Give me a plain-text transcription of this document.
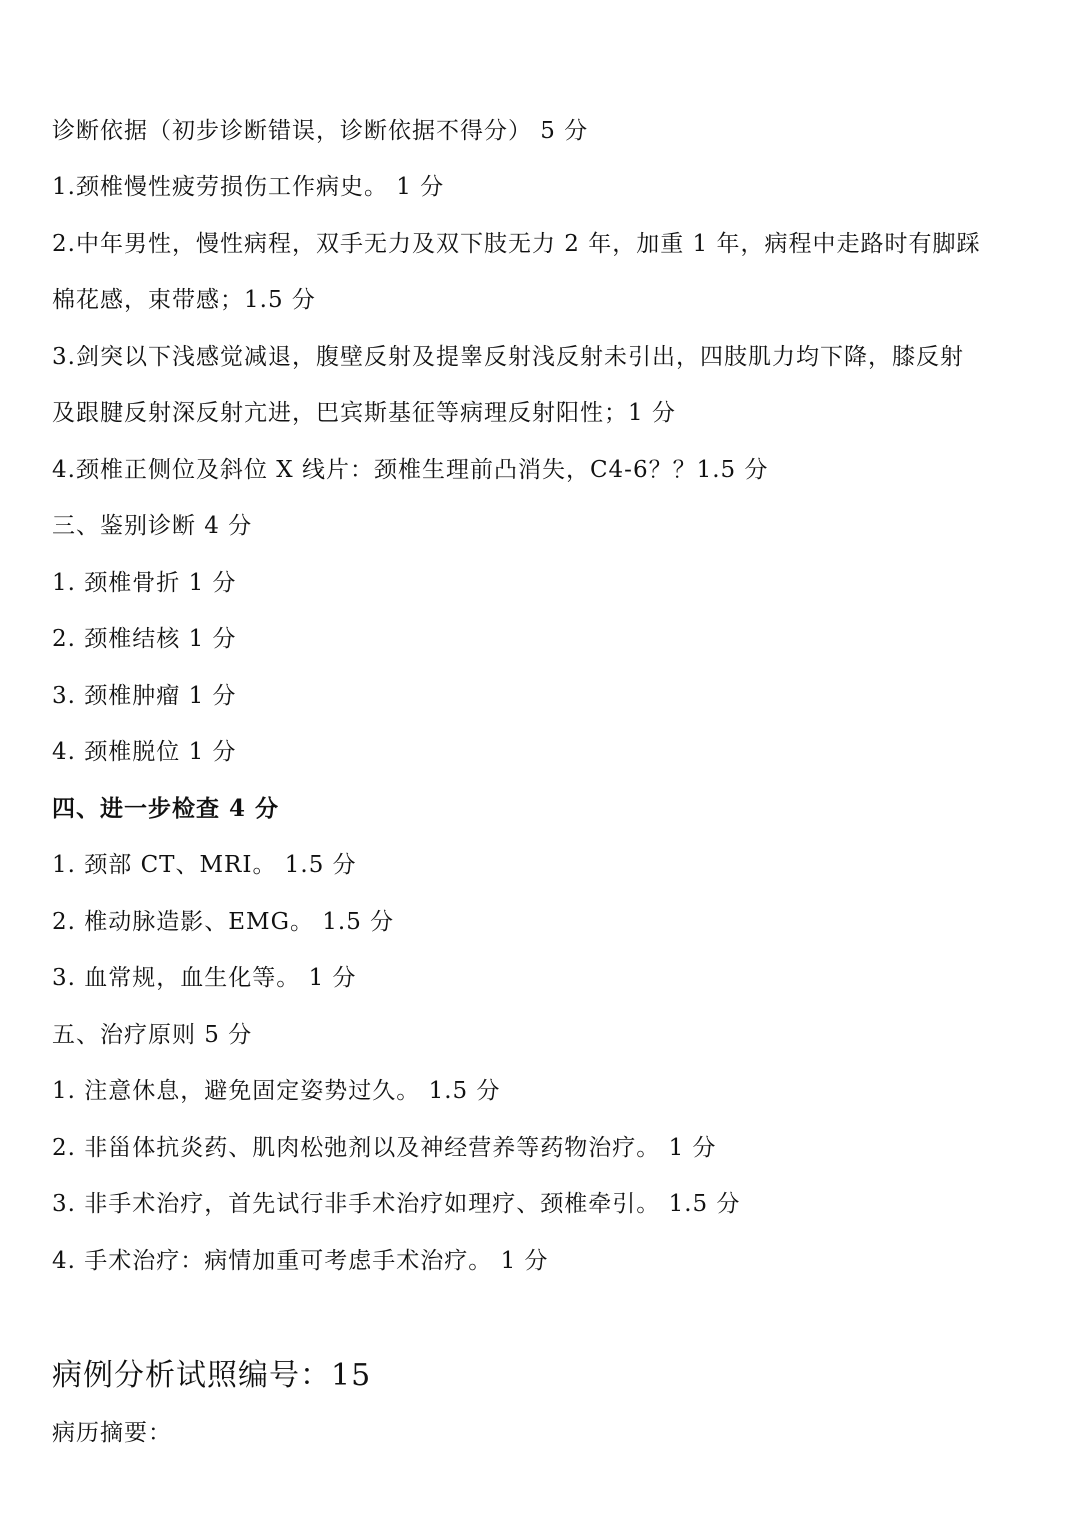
诊断依据（初步诊断错误，诊断依据不得分） 5 分
1.颈椎慢性疲劳损伤工作病史。 1 分
2.中年男性，慢性病程，双手无力及双下肢无力 2 年，加重 1 年，病程中走路时有脚踩
棉花感，束带感；1.5 分
3.剑突以下浅感觉减退，腹壁反射及提睾反射浅反射未引出，四肢肌力均下降，膝反射
及跟腱反射深反射亢进，巴宾斯基征等病理反射阳性；1 分
4.颈椎正侧位及斜位 X 线片：颈椎生理前凸消失，C4-6？？1.5 分
三、鉴别诊断 4 分
1. 颈椎骨折 1 分
2. 颈椎结核 1 分
3. 颈椎肿瘤 1 分
4. 颈椎脱位 1 分
四、进一步检查 4 分
1. 颈部 CT、MRI。 1.5 分
2. 椎动脉造影、EMG。 1.5 分
3. 血常规，血生化等。 1 分
五、治疗原则 5 分
1. 注意休息，避免固定姿势过久。 1.5 分
2. 非甾体抗炎药、肌肉松弛剂以及神经营养等药物治疗。 1 分
3. 非手术治疗，首先试行非手术治疗如理疗、颈椎牵引。 1.5 分
4. 手术治疗：病情加重可考虑手术治疗。 1 分
病例分析试照编号：15
病历摘要：
